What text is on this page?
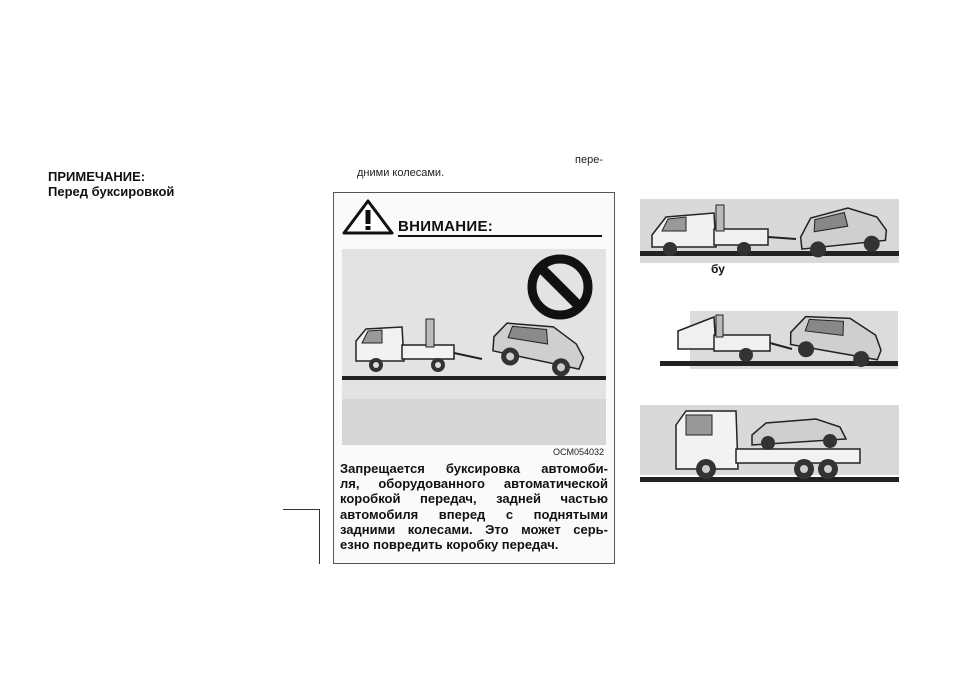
ПРИМЕЧАНИЕ:
Перед буксировкой
пере-
дними колесами.
ВНИМАНИЕ:
OCM054032
Запрещается буксировка автомоби-
ля, оборудованного автоматической
коробкой передач, задней частью
автомобиля вперед с поднятыми
задними колесами. Это может серь-
езно повредить коробку передач.
бу
